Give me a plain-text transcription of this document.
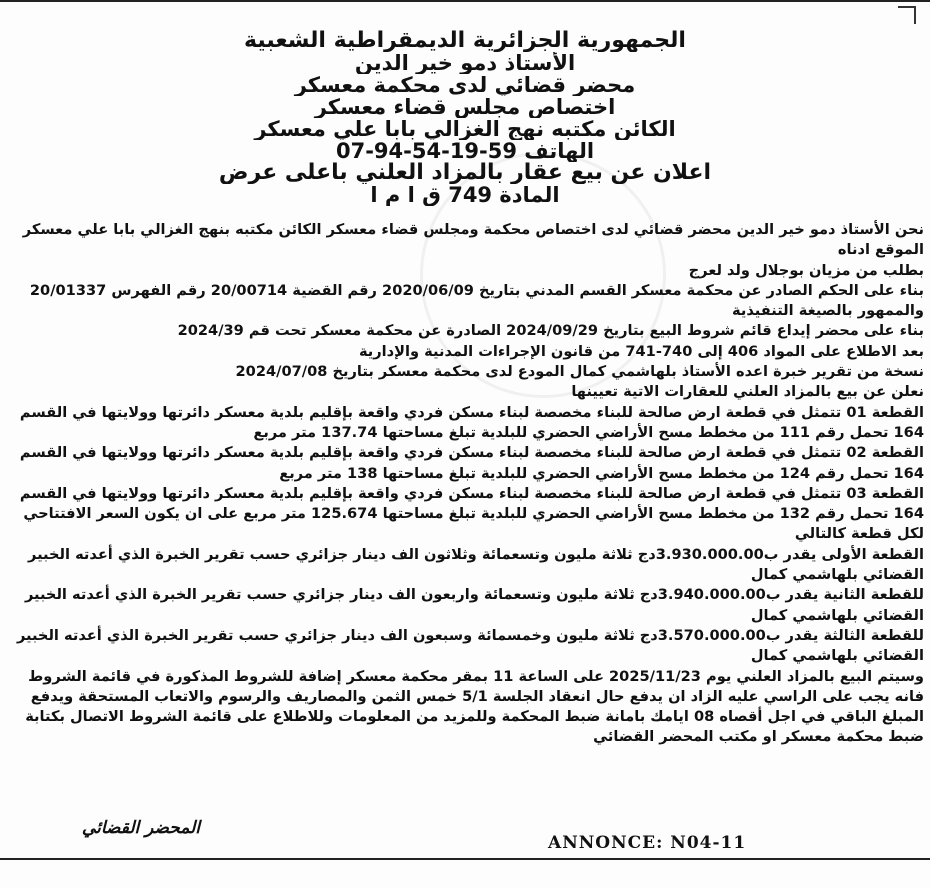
الجمهورية الجزائرية الديمقراطية الشعبية
الأستاذ دمو خير الدين
محضر قضائي لدى محكمة معسكر
اختصاص مجلس قضاء معسكر
الكائن مكتبه نهج الغزالي بابا علي معسكر
الهاتف 59-19-54-94-07
اعلان عن بيع عقار بالمزاد العلني باعلى عرض
المادة 749 ق ا م ا

نحن الأستاذ دمو خير الدين محضر قضائي لدى اختصاص محكمة ومجلس قضاء معسكر الكائن مكتبه بنهج الغزالي بابا علي معسكر الموقع ادناه

بطلب من مزيان بوجلال ولد لعرج

بناء على الحكم الصادر عن محكمة معسكر القسم المدني بتاريخ 2020/06/09 رقم القضية 20/00714 رقم الفهرس 20/01337 والممهور بالصيغة التنفيذية

بناء على محضر إيداع قائم شروط البيع بتاريخ 2024/09/29 الصادرة عن محكمة معسكر تحت قم 2024/39

بعد الاطلاع على المواد 406 إلى 740-741 من قانون الإجراءات المدنية والإدارية

نسخة من تقرير خبرة اعده الأستاذ بلهاشمي كمال المودع لدى محكمة معسكر بتاريخ 2024/07/08

نعلن عن بيع بالمزاد العلني للعقارات الاتية تعيينها

القطعة 01 تتمثل في قطعة ارض صالحة للبناء مخصصة لبناء مسكن فردي واقعة بإقليم بلدية معسكر دائرتها وولايتها في القسم 164 تحمل رقم 111 من مخطط مسح الأراضي الحضري للبلدية تبلغ مساحتها 137.74 متر مربع

القطعة 02 تتمثل في قطعة ارض صالحة للبناء مخصصة لبناء مسكن فردي واقعة بإقليم بلدية معسكر دائرتها وولايتها في القسم 164 تحمل رقم 124 من مخطط مسح الأراضي الحضري للبلدية تبلغ مساحتها 138 متر مربع

القطعة 03 تتمثل في قطعة ارض صالحة للبناء مخصصة لبناء مسكن فردي واقعة بإقليم بلدية معسكر دائرتها وولايتها في القسم 164 تحمل رقم 132 من مخطط مسح الأراضي الحضري للبلدية تبلغ مساحتها 125.674 متر مربع على ان يكون السعر الافتتاحي لكل قطعة كالتالي

القطعة الأولى يقدر ب3.930.000.00دج ثلاثة مليون وتسعمائة وثلاثون الف دينار جزائري حسب تقرير الخبرة الذي أعدته الخبير القضائي بلهاشمي كمال

للقطعة الثانية يقدر ب3.940.000.00دج ثلاثة مليون وتسعمائة واربعون الف دينار جزائري حسب تقرير الخبرة الذي أعدته الخبير القضائي بلهاشمي كمال

للقطعة الثالثة يقدر ب3.570.000.00دج ثلاثة مليون وخمسمائة وسبعون الف دينار جزائري حسب تقرير الخبرة الذي أعدته الخبير القضائي بلهاشمي كمال

وسيتم البيع بالمزاد العلني يوم 2025/11/23 على الساعة 11 بمقر محكمة معسكر إضافة للشروط المذكورة في قائمة الشروط فانه يجب على الراسي عليه الزاد ان يدفع حال انعقاد الجلسة 5/1 خمس الثمن والمصاريف والرسوم والاتعاب المستحقة ويدفع المبلغ الباقي في اجل أقصاه 08 ايامك بامانة ضبط المحكمة وللمزيد من المعلومات وللاطلاع على قائمة الشروط الاتصال بكتابة ضبط محكمة معسكر او مكتب المحضر القضائي

المحضر القضائي
ANNONCE: N04-11
